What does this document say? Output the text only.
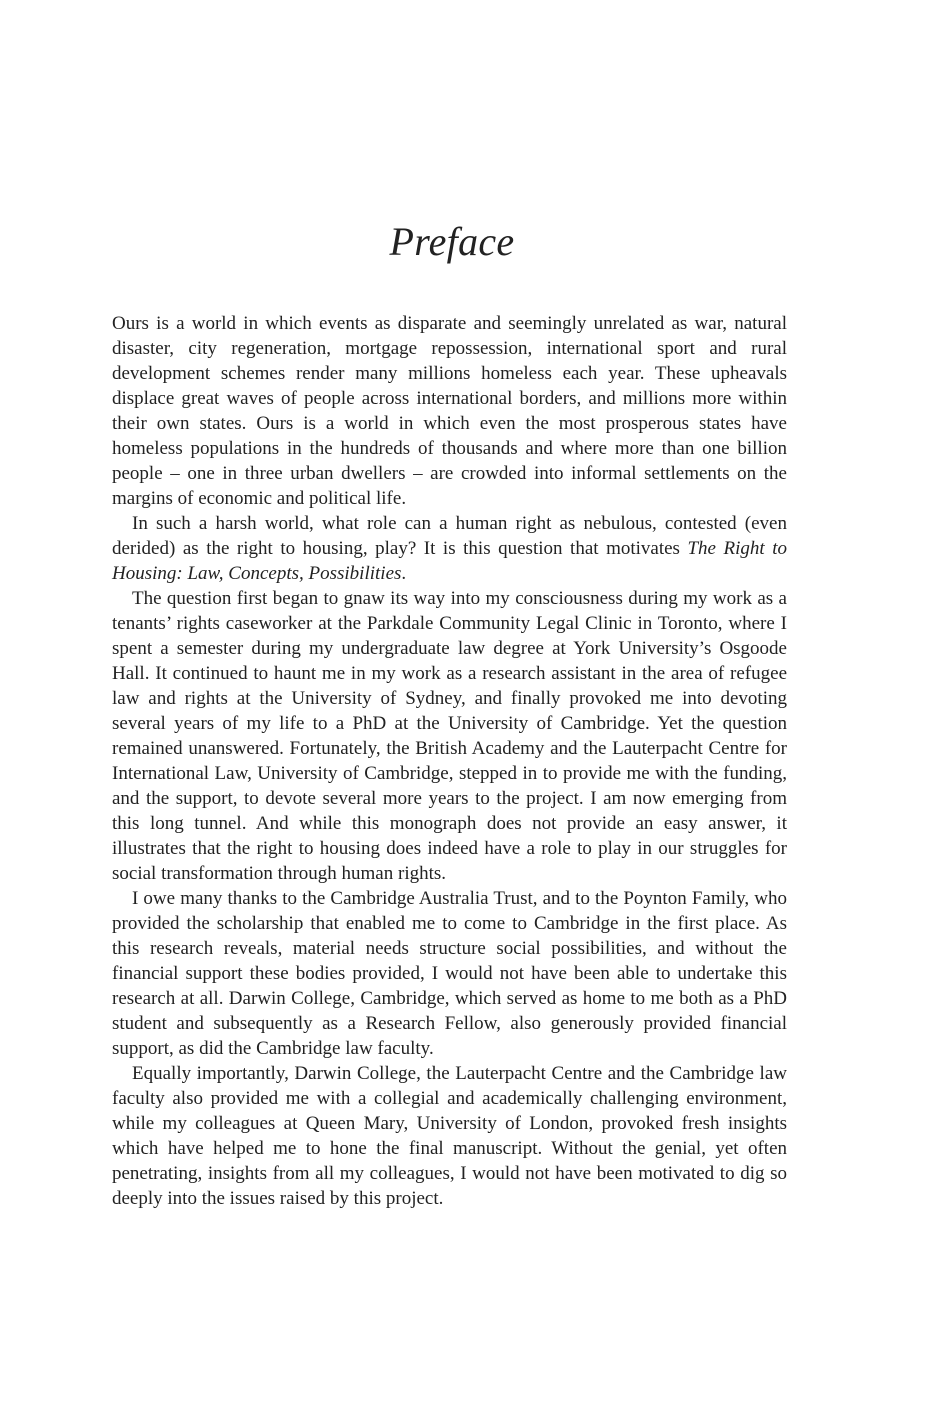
Preface

Ours is a world in which events as disparate and seemingly unrelated as war, natural disaster, city regeneration, mortgage repossession, international sport and rural development schemes render many millions homeless each year. These upheavals displace great waves of people across international borders, and millions more within their own states. Ours is a world in which even the most prosperous states have homeless populations in the hundreds of thousands and where more than one billion people – one in three urban dwellers – are crowded into informal settlements on the margins of economic and political life.

In such a harsh world, what role can a human right as nebulous, contested (even derided) as the right to housing, play? It is this question that motivates The Right to Housing: Law, Concepts, Possibilities.

The question first began to gnaw its way into my consciousness during my work as a tenants’ rights caseworker at the Parkdale Community Legal Clinic in Toronto, where I spent a semester during my undergraduate law degree at York University’s Osgoode Hall. It continued to haunt me in my work as a research assistant in the area of refugee law and rights at the University of Sydney, and finally provoked me into devoting several years of my life to a PhD at the University of Cambridge. Yet the question remained unanswered. Fortunately, the British Academy and the Lauterpacht Centre for International Law, University of Cambridge, stepped in to provide me with the funding, and the support, to devote several more years to the project. I am now emerging from this long tunnel. And while this monograph does not provide an easy answer, it illustrates that the right to housing does indeed have a role to play in our struggles for social transformation through human rights.

I owe many thanks to the Cambridge Australia Trust, and to the Poynton Family, who provided the scholarship that enabled me to come to Cambridge in the first place. As this research reveals, material needs structure social possibilities, and without the financial support these bodies provided, I would not have been able to undertake this research at all. Darwin College, Cambridge, which served as home to me both as a PhD student and subsequently as a Research Fellow, also generously provided financial support, as did the Cambridge law faculty.

Equally importantly, Darwin College, the Lauterpacht Centre and the Cambridge law faculty also provided me with a collegial and academically challenging environment, while my colleagues at Queen Mary, University of London, provoked fresh insights which have helped me to hone the final manuscript. Without the genial, yet often penetrating, insights from all my colleagues, I would not have been motivated to dig so deeply into the issues raised by this project.
